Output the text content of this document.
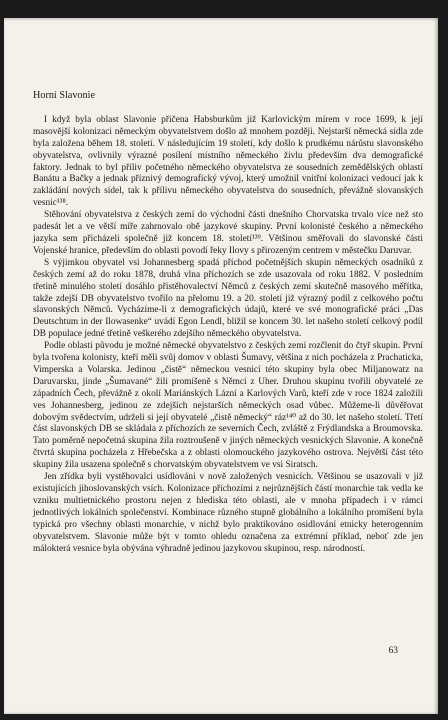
Horní Slavonie

I když byla oblast Slavonie přičena Habsburkům již Karlovickým mírem v roce 1699, k její masovější kolonizaci německým obyvatelstvem došlo až mnohem později. Nejstarší německá sídla zde byla založena během 18. století. V následujícím 19 století, kdy došlo k prudkému nárůstu slavonského obyvatelstva, ovlivnily výrazné posílení místního německého živlu především dva demografické faktory. Jednak to byl příliv početného německého obyvatelstva ze sousedních zemědělských oblastí Banátu a Bačky a jednak příznivý demografický vývoj, který umožnil vnitřní kolonizaci vedoucí jak k zakládání nových sídel, tak k přílivu německého obyvatelstva do sousedních, převážně slovanských vesnic¹³⁸.

Stěhování obyvatelstva z českých zemí do východní části dnešního Chorvatska trvalo více než sto padesát let a ve větší míře zahrnovalo obě jazykové skupiny. První kolonisté českého a německého jazyka sem přicházeli společně již koncem 18. století¹³⁹. Většinou směřovali do slavonské části Vojenské hranice, především do oblasti povodí řeky Ilovy s přirozeným centrem v městečku Daruvar.

S výjimkou obyvatel vsi Johannesberg spadá příchod početnějších skupin německých osadníků z českých zemí až do roku 1878, druhá vlna příchozích se zde usazovala od roku 1882. V posledním třetině minulého století dosáhlo přistěhovalectví Němců z českých zemí skutečně masového měřítka, takže zdejší DB obyvatelstvo tvořilo na přelomu 19. a 20. století již výrazný podíl z celkového počtu slavonských Němců. Vycházíme-li z demografických údajů, které ve své monografické práci „Das Deutschtum in der Ilowasenke“ uvádí Egon Lendl, blížil se koncem 30. let našeho století celkový podíl DB populace jedné třetině veškerého zdejšího německého obyvatelstva.

Podle oblastí původu je možné německé obyvatelstvo z českých zemí rozčlenit do čtyř skupin. První byla tvořena kolonisty, kteří měli svůj domov v oblasti Šumavy, většina z nich pocházela z Prachaticka, Vimperska a Volarska. Jedinou „čistě“ německou vesnicí této skupiny byla obec Miljanowatz na Daruvarsku, jinde „Šumavané“ žili promíšeně s Němci z Uher. Druhou skupinu tvořili obyvatelé ze západních Čech, převážně z okolí Mariánských Lázní a Karlových Varů, kteří zde v roce 1824 založili ves Johannesberg, jedinou ze zdejších nejstarších německých osad vůbec. Můžeme-li důvěřovat dobovým svědectvím, udrželi si její obyvatelé „čistě německý“ ráz¹⁴⁰ až do 30. let našeho století. Třetí část slavonských DB se skládala z příchozích ze severních Čech, zvláště z Frýdlandska a Broumovska. Tato poměrně nepočetná skupina žila roztroušeně v jiných německých vesnických Slavonie. A konečně čtvrtá skupina pocházela z Hřebečska a z oblasti olomouckého jazykového ostrova. Největší část této skupiny žila usazena společně s chorvatským obyvatelstvem ve vsi Siratsch.

Jen zřídka byli vystěhovalci usídlováni v nově založených vesnicích. Většinou se usazovali v již existujících jihoslovanských vsích. Kolonizace příchozími z nejrůznějších částí monarchie tak vedla ke vzniku multietnického prostoru nejen z hlediska této oblasti, ale v mnoha případech i v rámci jednotlivých lokálních společenství. Kombinace různého stupně globálního a lokálního promíšení byla typická pro všechny oblasti monarchie, v nichž bylo praktikováno osidlování etnicky heterogenním obyvatelstvem. Slavonie může být v tomto ohledu označena za extrémní příklad, neboť zde jen málokterá vesnice byla obývána výhradně jedinou jazykovou skupinou, resp. národností.

63
